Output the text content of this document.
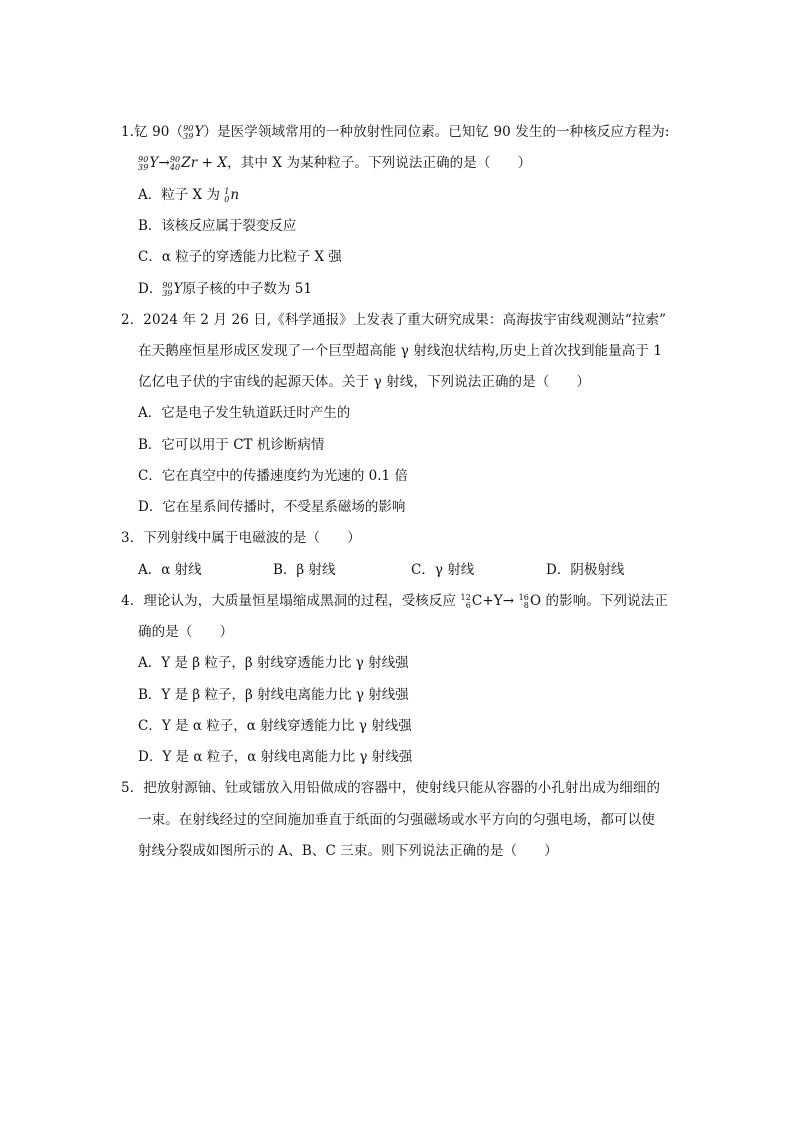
1.钇 90（ 90
39 Y）是医学领域常用的一种放射性同位素。已知钇 90 发生的一种核反应方程为:
90
39 Y→ 90
40 Zr + X，其中 X 为某种粒子。下列说法正确的是（　　）
A．粒子 X 为 1
0 n
B．该核反应属于裂变反应
C．α 粒子的穿透能力比粒子 X 强
D． 90
39 Y原子核的中子数为 51
2．2024 年 2 月 26 日,《科学通报》上发表了重大研究成果：高海拔宇宙线观测站“拉索”
在天鹅座恒星形成区发现了一个巨型超高能 γ 射线泡状结构,历史上首次找到能量高于 1
亿亿电子伏的宇宙线的起源天体。关于 γ 射线，下列说法正确的是（　　）
A．它是电子发生轨道跃迁时产生的
B．它可以用于 CT 机诊断病情
C．它在真空中的传播速度约为光速的 0.1 倍
D．它在星系间传播时，不受星系磁场的影响
3．下列射线中属于电磁波的是（　　）
A．α 射线	B．β 射线	C．γ 射线	D．阴极射线
4．理论认为，大质量恒星塌缩成黑洞的过程，受核反应 12
6 C+Y→ 16
8 O 的影响。下列说法正
确的是（　　）
A．Y 是 β 粒子，β 射线穿透能力比 γ 射线强
B．Y 是 β 粒子，β 射线电离能力比 γ 射线强
C．Y 是 α 粒子，α 射线穿透能力比 γ 射线强
D．Y 是 α 粒子，α 射线电离能力比 γ 射线强
5．把放射源铀、钍或镭放入用铅做成的容器中，使射线只能从容器的小孔射出成为细细的
一束。在射线经过的空间施加垂直于纸面的匀强磁场或水平方向的匀强电场，都可以使
射线分裂成如图所示的 A、B、C 三束。则下列说法正确的是（　　）
